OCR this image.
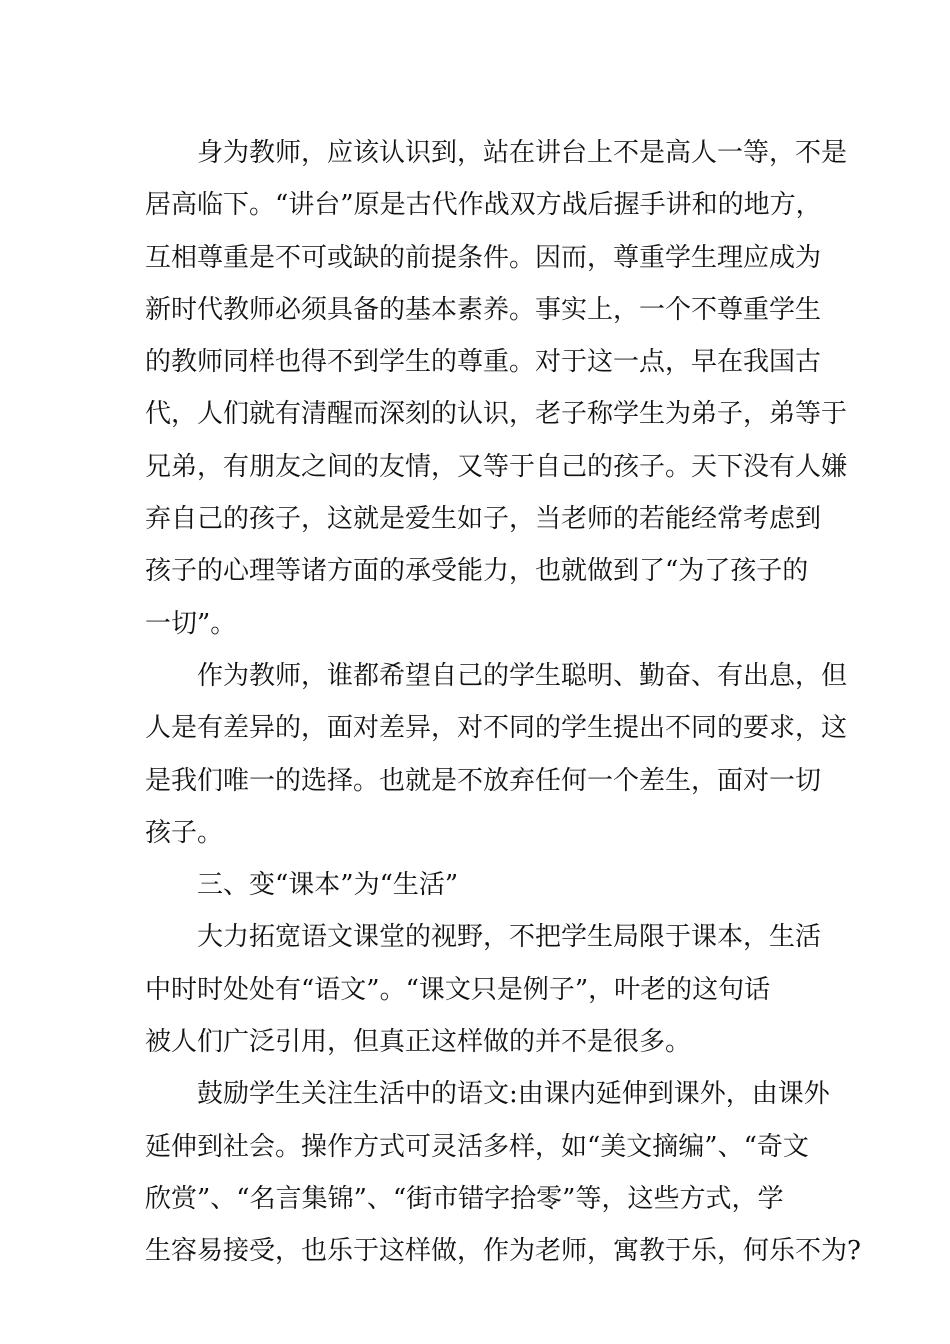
身为教师，应该认识到，站在讲台上不是高人一等，不是
居高临下。“讲台”原是古代作战双方战后握手讲和的地方，
互相尊重是不可或缺的前提条件。因而，尊重学生理应成为
新时代教师必须具备的基本素养。事实上，一个不尊重学生
的教师同样也得不到学生的尊重。对于这一点，早在我国古
代，人们就有清醒而深刻的认识，老子称学生为弟子，弟等于
兄弟，有朋友之间的友情，又等于自己的孩子。天下没有人嫌
弃自己的孩子，这就是爱生如子，当老师的若能经常考虑到
孩子的心理等诸方面的承受能力，也就做到了“为了孩子的
一切”。
作为教师，谁都希望自己的学生聪明、勤奋、有出息，但
人是有差异的，面对差异，对不同的学生提出不同的要求，这
是我们唯一的选择。也就是不放弃任何一个差生，面对一切
孩子。
三、变“课本”为“生活”
大力拓宽语文课堂的视野，不把学生局限于课本，生活
中时时处处有“语文”。“课文只是例子”，叶老的这句话
被人们广泛引用，但真正这样做的并不是很多。
鼓励学生关注生活中的语文:由课内延伸到课外，由课外
延伸到社会。操作方式可灵活多样，如“美文摘编”、“奇文
欣赏”、“名言集锦”、“街市错字拾零”等，这些方式，学
生容易接受，也乐于这样做，作为老师，寓教于乐，何乐不为?
